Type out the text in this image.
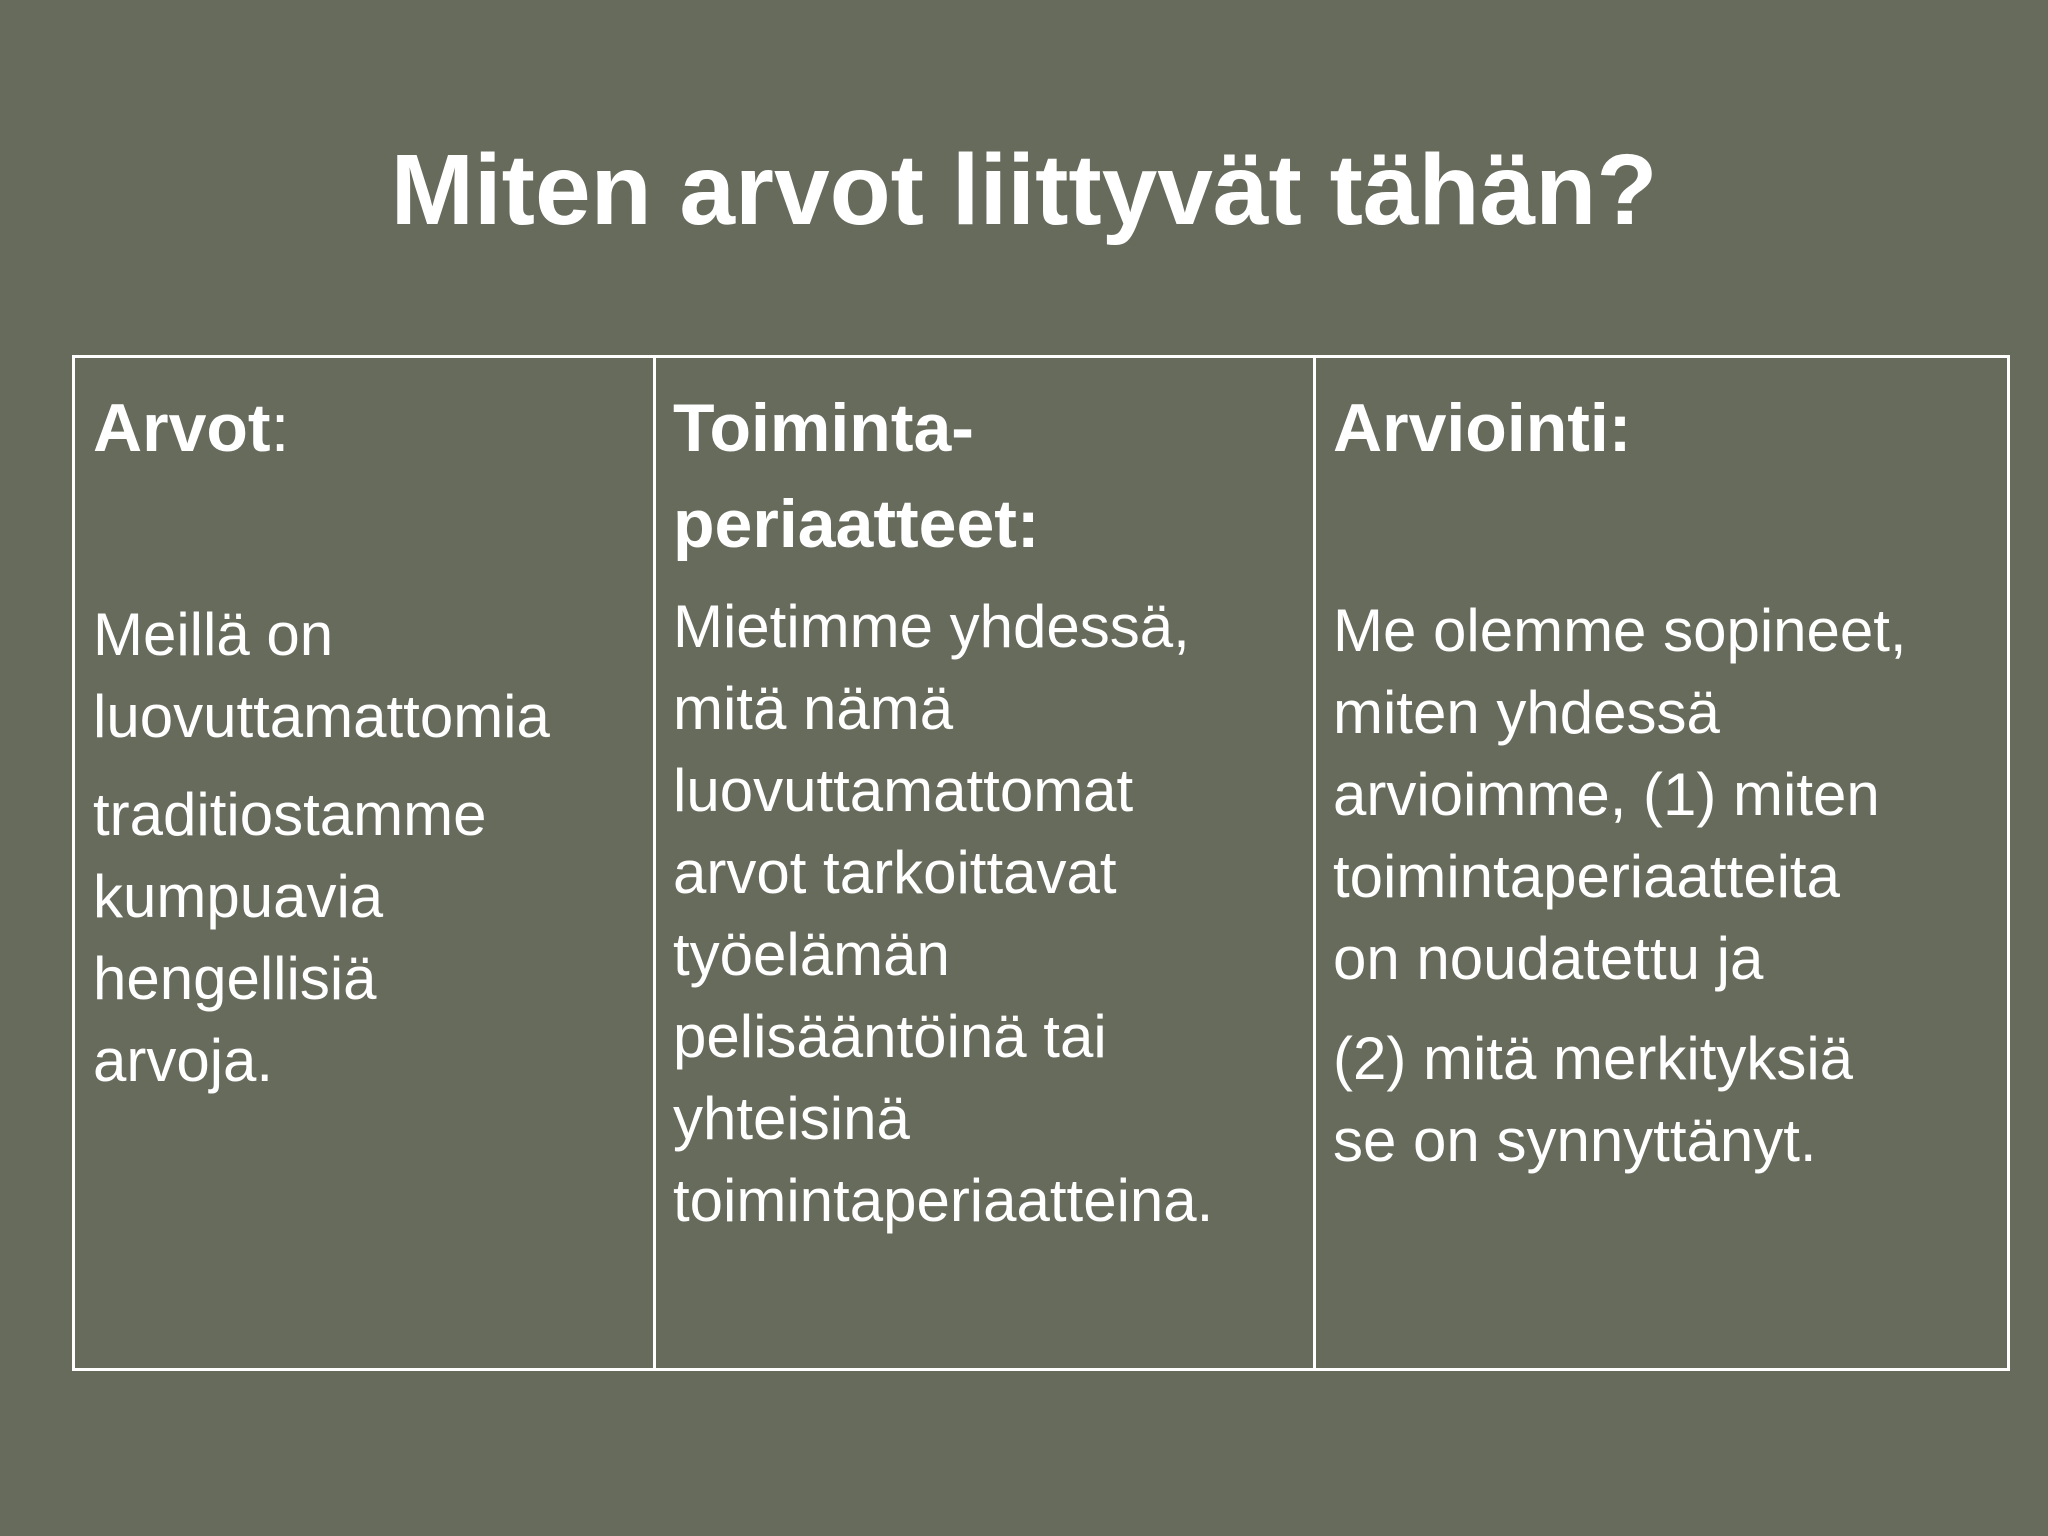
Miten arvot liittyvät tähän?
Arvot:
Meillä on
luovuttamattomia
traditiostamme
kumpuavia
hengellisiä
arvoja.
Toiminta-
periaatteet:
Mietimme yhdessä,
mitä nämä
luovuttamattomat
arvot tarkoittavat
työelämän
pelisääntöinä tai
yhteisinä
toimintaperiaatteina.
Arviointi:
Me olemme sopineet,
miten yhdessä
arvioimme, (1) miten
toimintaperiaatteita
on noudatettu ja
(2) mitä merkityksiä
se on synnyttänyt.
